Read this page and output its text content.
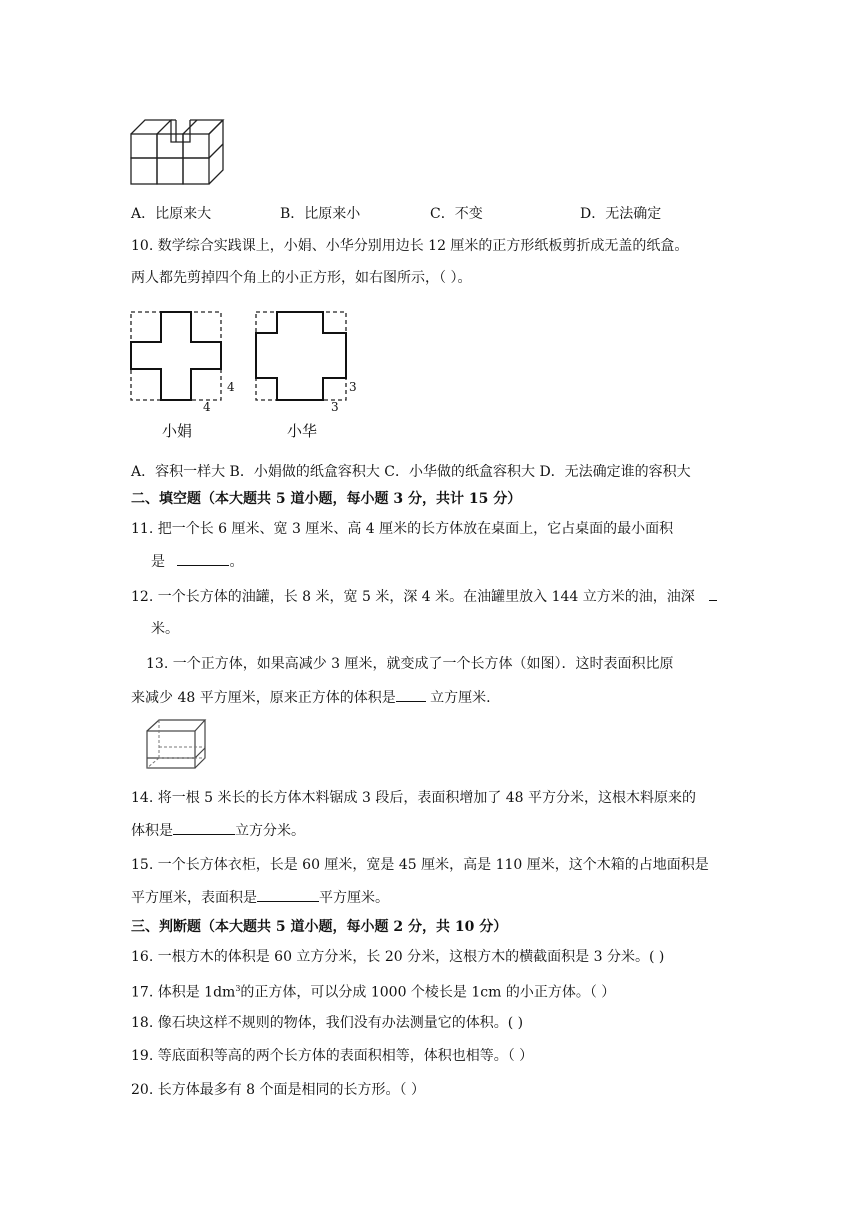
A．比原来大	B．比原来小	C．不变	D．无法确定
10. 数学综合实践课上，小娟、小华分别用边长 12 厘米的正方形纸板剪折成无盖的纸盒。
两人都先剪掉四个角上的小正方形，如右图所示，（ ）。
4
4
小娟
3
3
小华
A．容积一样大 B．小娟做的纸盒容积大 C．小华做的纸盒容积大 D．无法确定谁的容积大
二、填空题（本大题共 5 道小题，每小题 3 分，共计 15 分）
11. 把一个长 6 厘米、宽 3 厘米、高 4 厘米的长方体放在桌面上，它占桌面的最小面积
是	。
12. 一个长方体的油罐，长 8 米，宽 5 米，深 4 米。在油罐里放入 144 立方米的油，油深
米。
13. 一个正方体，如果高减少 3 厘米，就变成了一个长方体（如图）．这时表面积比原
来减少 48 平方厘米，原来正方体的体积是 立方厘米.
14. 将一根 5 米长的长方体木料锯成 3 段后，表面积增加了 48 平方分米，这根木料原来的
体积是	立方分米。
15. 一个长方体衣柜，长是 60 厘米，宽是 45 厘米，高是 110 厘米，这个木箱的占地面积是
平方厘米，表面积是	平方厘米。
三、判断题（本大题共 5 道小题，每小题 2 分，共 10 分）
16. 一根方木的体积是 60 立方分米，长 20 分米，这根方木的横截面积是 3 分米。( )
17. 体积是 $1dm^3$的正方体，可以分成 1000 个棱长是 1cm 的小正方体。（ ）
18. 像石块这样不规则的物体，我们没有办法测量它的体积。( )
19. 等底面积等高的两个长方体的表面积相等，体积也相等。（ ）
20. 长方体最多有 8 个面是相同的长方形。（ ）
